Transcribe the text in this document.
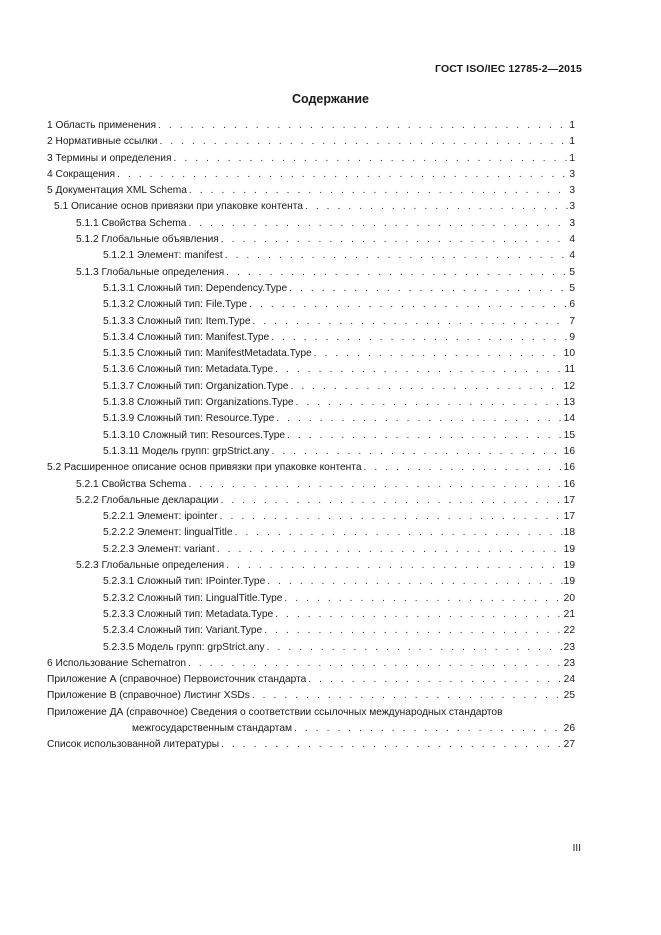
ГОСТ ISO/IEC 12785-2—2015
Содержание
1 Область применения . . .	1
2 Нормативные ссылки . . .	1
3 Термины и определения . . .	1
4 Сокращения . . .	3
5 Документация XML Schema . . .	3
5.1 Описание основ привязки при упаковке контента . . .	3
5.1.1 Свойства Schema . . .	3
5.1.2 Глобальные объявления . . .	4
5.1.2.1 Элемент: manifest . . .	4
5.1.3 Глобальные определения . . .	5
5.1.3.1 Сложный тип: Dependency.Type . . .	5
5.1.3.2 Сложный тип: File.Type . . .	6
5.1.3.3 Сложный тип: Item.Type . . .	7
5.1.3.4 Сложный тип: Manifest.Type . . .	9
5.1.3.5 Сложный тип: ManifestMetadata.Type . . .	10
5.1.3.6 Сложный тип: Metadata.Type . . .	11
5.1.3.7 Сложный тип: Organization.Type . . .	12
5.1.3.8 Сложный тип: Organizations.Type . . .	13
5.1.3.9 Сложный тип: Resource.Type . . .	14
5.1.3.10 Сложный тип: Resources.Type . . .	15
5.1.3.11 Модель групп: grpStrict.any . . .	16
5.2 Расширенное описание основ привязки при упаковке контента . . .	16
5.2.1 Свойства Schema . . .	16
5.2.2 Глобальные декларации . . .	17
5.2.2.1 Элемент: ipointer . . .	17
5.2.2.2 Элемент: lingualTitle . . .	18
5.2.2.3 Элемент: variant . . .	19
5.2.3 Глобальные определения . . .	19
5.2.3.1 Сложный тип: IPointer.Type . . .	19
5.2.3.2 Сложный тип: LingualTitle.Type . . .	20
5.2.3.3 Сложный тип: Metadata.Type . . .	21
5.2.3.4 Сложный тип: Variant.Type . . .	22
5.2.3.5 Модель групп: grpStrict.any . . .	23
6 Использование Schematron . . .	23
Приложение А (справочное) Первоисточник стандарта . . .	24
Приложение В (справочное) Листинг XSDs . . .	25
Приложение ДА (справочное) Сведения о соответствии ссылочных международных стандартов
межгосударственным стандартам . . .	26
Список использованной литературы . . .	27
III
